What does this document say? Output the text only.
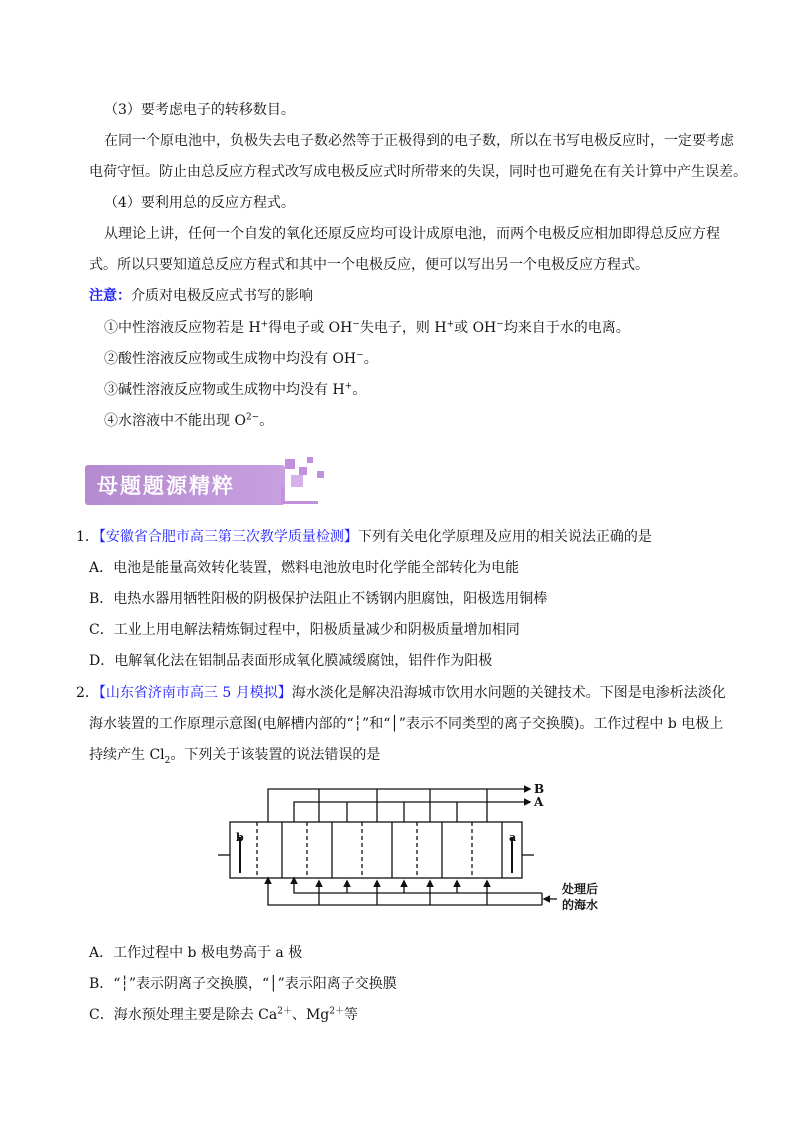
（3）要考虑电子的转移数目。
在同一个原电池中，负极失去电子数必然等于正极得到的电子数，所以在书写电极反应时，一定要考虑
电荷守恒。防止由总反应方程式改写成电极反应式时所带来的失误，同时也可避免在有关计算中产生误差。
（4）要利用总的反应方程式。
从理论上讲，任何一个自发的氧化还原反应均可设计成原电池，而两个电极反应相加即得总反应方程
式。所以只要知道总反应方程式和其中一个电极反应，便可以写出另一个电极反应方程式。
注意：介质对电极反应式书写的影响
①中性溶液反应物若是 H+得电子或 OH−失电子，则 H+或 OH−均来自于水的电离。
②酸性溶液反应物或生成物中均没有 OH−。
③碱性溶液反应物或生成物中均没有 H+。
④水溶液中不能出现 $O^{2-}$。
母题题源精粹
1．【安徽省合肥市高三第三次教学质量检测】下列有关电化学原理及应用的相关说法正确的是
A．电池是能量高效转化装置，燃料电池放电时化学能全部转化为电能
B．电热水器用牺牲阳极的阴极保护法阻止不锈钢内胆腐蚀，阳极选用铜棒
C．工业上用电解法精炼铜过程中，阳极质量减少和阴极质量增加相同
D．电解氧化法在铝制品表面形成氧化膜减缓腐蚀，铝件作为阳极
2．【山东省济南市高三 5 月模拟】海水淡化是解决沿海城市饮用水问题的关键技术。下图是电渗析法淡化
海水装置的工作原理示意图(电解槽内部的“┆”和“│”表示不同类型的离子交换膜)。工作过程中 b 电极上
持续产生 $Cl_2$。下列关于该装置的说法错误的是
B
A
b	a
处理后
的海水
A．工作过程中 b 极电势高于 a 极
B．“┆”表示阴离子交换膜，“│”表示阳离子交换膜
C．海水预处理主要是除去 $Ca^{2+}$、$Mg^{2+}$等
